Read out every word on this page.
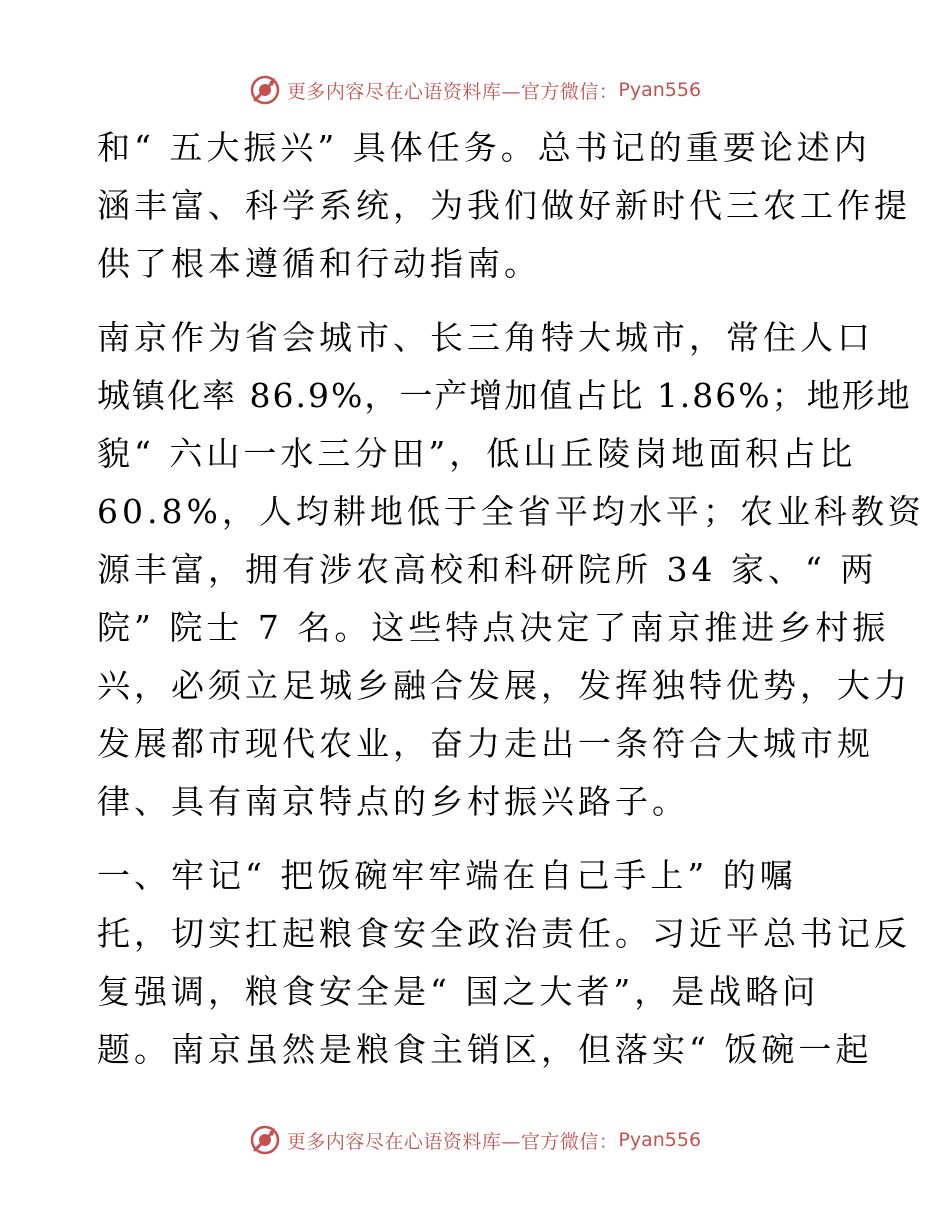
更多内容尽在心语资料库—官方微信： Pyan556
和“ 五大振兴” 具体任务。总书记的重要论述内
涵丰富、科学系统，为我们做好新时代三农工作提
供了根本遵循和行动指南。
南京作为省会城市、长三角特大城市，常住人口
城镇化率 86.9%，一产增加值占比 1.86%；地形地
貌“ 六山一水三分田”，低山丘陵岗地面积占比
60.8%，人均耕地低于全省平均水平；农业科教资
源丰富，拥有涉农高校和科研院所 34 家、“ 两
院” 院士 7 名。这些特点决定了南京推进乡村振
兴，必须立足城乡融合发展，发挥独特优势，大力
发展都市现代农业，奋力走出一条符合大城市规
律、具有南京特点的乡村振兴路子。
一、牢记“ 把饭碗牢牢端在自己手上” 的嘱
托，切实扛起粮食安全政治责任。习近平总书记反
复强调，粮食安全是“ 国之大者”，是战略问
题。南京虽然是粮食主销区，但落实“ 饭碗一起
更多内容尽在心语资料库—官方微信： Pyan556
